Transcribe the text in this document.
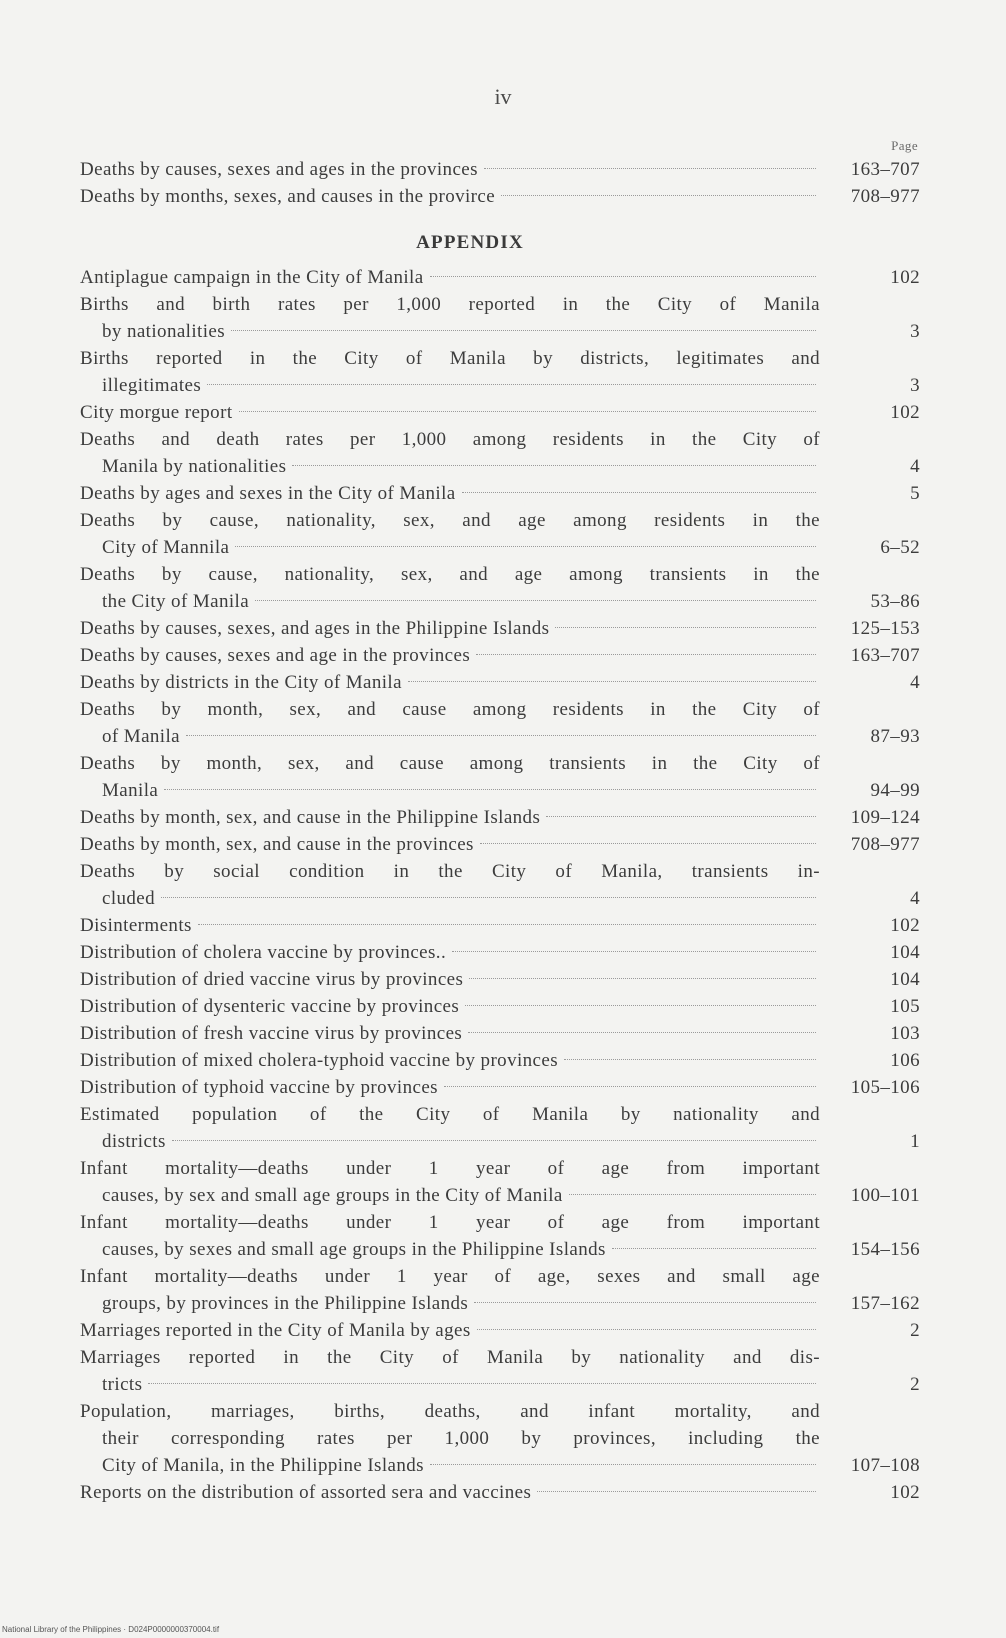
iv
Page
Deaths by causes, sexes and ages in the provinces	163–707
Deaths by months, sexes, and causes in the provirce	708–977
APPENDIX
Antiplague campaign in the City of Manila	102
Births and birth rates per 1,000 reported in the City of Manila
by nationalities	3
Births reported in the City of Manila by districts, legitimates and
illegitimates	3
City morgue report	102
Deaths and death rates per 1,000 among residents in the City of
Manila by nationalities	4
Deaths by ages and sexes in the City of Manila	5
Deaths by cause, nationality, sex, and age among residents in the
City of Mannila	6–52
Deaths by cause, nationality, sex, and age among transients in the
the City of Manila	53–86
Deaths by causes, sexes, and ages in the Philippine Islands	125–153
Deaths by causes, sexes and age in the provinces	163–707
Deaths by districts in the City of Manila	4
Deaths by month, sex, and cause among residents in the City of
of Manila	87–93
Deaths by month, sex, and cause among transients in the City of
Manila	94–99
Deaths by month, sex, and cause in the Philippine Islands	109–124
Deaths by month, sex, and cause in the provinces	708–977
Deaths by social condition in the City of Manila, transients in-
cluded	4
Disinterments	102
Distribution of cholera vaccine by provinces..	104
Distribution of dried vaccine virus by provinces	104
Distribution of dysenteric vaccine by provinces	105
Distribution of fresh vaccine virus by provinces	103
Distribution of mixed cholera-typhoid vaccine by provinces	106
Distribution of typhoid vaccine by provinces	105–106
Estimated population of the City of Manila by nationality and
districts	1
Infant mortality—deaths under 1 year of age from important
causes, by sex and small age groups in the City of Manila	100–101
Infant mortality—deaths under 1 year of age from important
causes, by sexes and small age groups in the Philippine Islands	154–156
Infant mortality—deaths under 1 year of age, sexes and small age
groups, by provinces in the Philippine Islands	157–162
Marriages reported in the City of Manila by ages	2
Marriages reported in the City of Manila by nationality and dis-
tricts	2
Population, marriages, births, deaths, and infant mortality, and
their corresponding rates per 1,000 by provinces, including the
City of Manila, in the Philippine Islands	107–108
Reports on the distribution of assorted sera and vaccines	102
National Library of the Philippines · D024P0000000370004.tif
